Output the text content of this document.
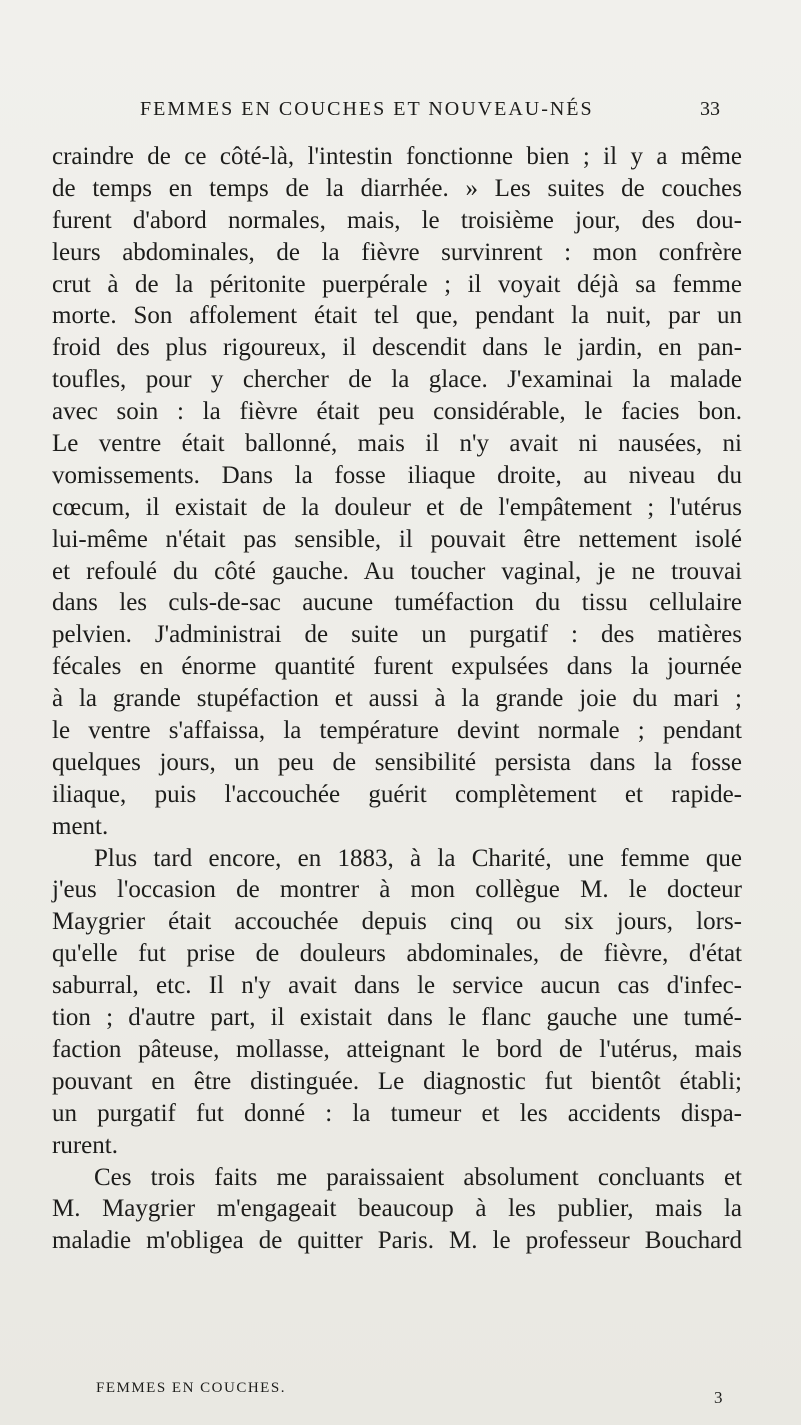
FEMMES EN COUCHES ET NOUVEAU-NÉS	33
craindre de ce côté-là, l'intestin fonctionne bien ; il y a même
de temps en temps de la diarrhée. » Les suites de couches
furent d'abord normales, mais, le troisième jour, des dou-
leurs abdominales, de la fièvre survinrent : mon confrère
crut à de la péritonite puerpérale ; il voyait déjà sa femme
morte. Son affolement était tel que, pendant la nuit, par un
froid des plus rigoureux, il descendit dans le jardin, en pan-
toufles, pour y chercher de la glace. J'examinai la malade
avec soin : la fièvre était peu considérable, le facies bon.
Le ventre était ballonné, mais il n'y avait ni nausées, ni
vomissements. Dans la fosse iliaque droite, au niveau du
cœcum, il existait de la douleur et de l'empâtement ; l'utérus
lui-même n'était pas sensible, il pouvait être nettement isolé
et refoulé du côté gauche. Au toucher vaginal, je ne trouvai
dans les culs-de-sac aucune tuméfaction du tissu cellulaire
pelvien. J'administrai de suite un purgatif : des matières
fécales en énorme quantité furent expulsées dans la journée
à la grande stupéfaction et aussi à la grande joie du mari ;
le ventre s'affaissa, la température devint normale ; pendant
quelques jours, un peu de sensibilité persista dans la fosse
iliaque, puis l'accouchée guérit complètement et rapide-
ment.
Plus tard encore, en 1883, à la Charité, une femme que
j'eus l'occasion de montrer à mon collègue M. le docteur
Maygrier était accouchée depuis cinq ou six jours, lors-
qu'elle fut prise de douleurs abdominales, de fièvre, d'état
saburral, etc. Il n'y avait dans le service aucun cas d'infec-
tion ; d'autre part, il existait dans le flanc gauche une tumé-
faction pâteuse, mollasse, atteignant le bord de l'utérus, mais
pouvant en être distinguée. Le diagnostic fut bientôt établi;
un purgatif fut donné : la tumeur et les accidents dispa-
rurent.
Ces trois faits me paraissaient absolument concluants et
M. Maygrier m'engageait beaucoup à les publier, mais la
maladie m'obligea de quitter Paris. M. le professeur Bouchard
FEMMES EN COUCHES.	3
